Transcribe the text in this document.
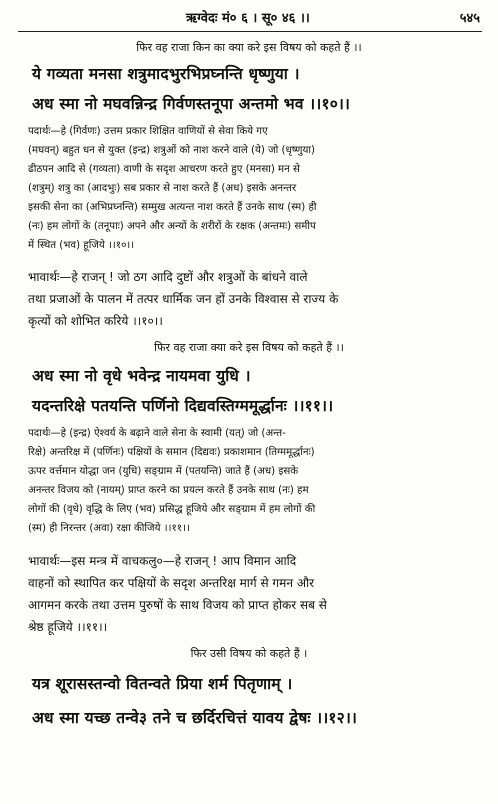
ऋग्वेदः मं० ६ । सू० ४६ ।।	५४५
फिर वह राजा किन का क्या करे इस विषय को कहते हैं ।।
ये गव्यता मनसा शत्रुमादभुरभिप्रघ्नन्ति धृष्णुया ।
अध स्मा नो मघवन्निन्द्र गिर्वणस्तनूपा अन्तमो भव ।।१०।।
पदार्थः—हे (गिर्वणः) उत्तम प्रकार शिक्षित वाणियों से सेवा किये गए
(मघवन्) बहुत धन से युक्त (इन्द्र) शत्रुओं को नाश करने वाले (ये) जो (धृष्णुया)
ढीठपन आदि से (गव्यता) वाणी के सदृश आचरण करते हुए (मनसा) मन से
(शत्रुम्) शत्रु का (आदभुः) सब प्रकार से नाश करते हैं (अध) इसके अनन्तर
इसकी सेना का (अभिप्रघ्नन्ति) सम्मुख अत्यन्त नाश करते हैं उनके साथ (स्म) ही
(नः) हम लोगों के (तनूपाः) अपने और अन्यों के शरीरों के रक्षक (अन्तमः) समीप
में स्थित (भव) हूजिये ।।१०।।
भावार्थः—हे राजन् ! जो ठग आदि दुष्टों और शत्रुओं के बांधने वाले
तथा प्रजाओं के पालन में तत्पर धार्मिक जन हों उनके विश्वास से राज्य के
कृत्यों को शोभित करिये ।।१०।।
फिर वह राजा क्या करे इस विषय को कहते हैं ।।
अध स्मा नो वृधे भवेन्द्र नायमवा युधि ।
यदन्तरिक्षे पतयन्ति पर्णिनो दिद्यवस्तिग्ममूर्द्धानः ।।११।।
पदार्थः—हे (इन्द्र) ऐश्वर्य के बढ़ाने वाले सेना के स्वामी (यत्) जो (अन्त-
रिक्षे) अन्तरिक्ष में (पर्णिनः) पक्षियों के समान (दिद्यवः) प्रकाशमान (तिग्ममूर्द्धानः)
ऊपर वर्त्तमान योद्धा जन (युधि) सङ्ग्राम में (पतयन्ति) जाते हैं (अध) इसके
अनन्तर विजय को (नायम्) प्राप्त करने का प्रयत्न करते हैं उनके साथ (नः) हम
लोगों की (वृधे) वृद्धि के लिए (भव) प्रसिद्ध हूजिये और सङ्ग्राम में हम लोगों की
(स्म) ही निरन्तर (अवा) रक्षा कीजिये ।।११।।
भावार्थः—इस मन्त्र में वाचकलु०—हे राजन् ! आप विमान आदि
वाहनों को स्थापित कर पक्षियों के सदृश अन्तरिक्ष मार्ग से गमन और
आगमन करके तथा उत्तम पुरुषों के साथ विजय को प्राप्त होकर सब से
श्रेष्ठ हूजिये ।।११।।
फिर उसी विषय को कहते हैं ।
यत्र शूरासस्तन्वो वितन्वते प्रिया शर्म पितृणाम् ।
अध स्मा यच्छ तन्वे३ तने च छर्दिरचित्तं यावय द्वेषः ।।१२।।
